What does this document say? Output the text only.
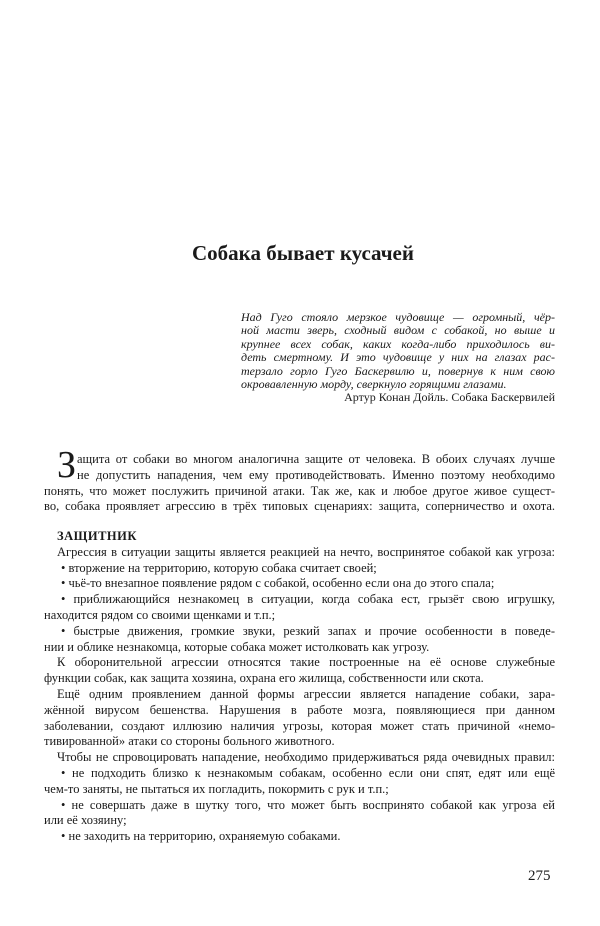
Собака бывает кусачей
Над Гуго стояло мерзкое чудовище — огромный, чёр-
ной масти зверь, сходный видом с собакой, но выше и
крупнее всех собак, каких когда-либо приходилось ви-
деть смертному. И это чудовище у них на глазах рас-
терзало горло Гуго Баскервилю и, повернув к ним свою
окровавленную морду, сверкнуло горящими глазами.
Артур Конан Дойль. Собака Баскервилей
З ащита от собаки во многом аналогична защите от человека. В обоих случаях лучше
не допустить нападения, чем ему противодействовать. Именно поэтому необходимо
понять, что может послужить причиной атаки. Так же, как и любое другое живое сущест-
во, собака проявляет агрессию в трёх типовых сценариях: защита, соперничество и охота.
ЗАЩИТНИК
Агрессия в ситуации защиты является реакцией на нечто, воспринятое собакой как угроза:
• вторжение на территорию, которую собака считает своей;
• чьё-то внезапное появление рядом с собакой, особенно если она до этого спала;
• приближающийся незнакомец в ситуации, когда собака ест, грызёт свою игрушку,
находится рядом со своими щенками и т.п.;
• быстрые движения, громкие звуки, резкий запах и прочие особенности в поведе-
нии и облике незнакомца, которые собака может истолковать как угрозу.
К оборонительной агрессии относятся такие построенные на её основе служебные
функции собак, как защита хозяина, охрана его жилища, собственности или скота.
Ещё одним проявлением данной формы агрессии является нападение собаки, зара-
жённой вирусом бешенства. Нарушения в работе мозга, появляющиеся при данном
заболевании, создают иллюзию наличия угрозы, которая может стать причиной «немо-
тивированной» атаки со стороны больного животного.
Чтобы не спровоцировать нападение, необходимо придерживаться ряда очевидных правил:
• не подходить близко к незнакомым собакам, особенно если они спят, едят или ещё
чем-то заняты, не пытаться их погладить, покормить с рук и т.п.;
• не совершать даже в шутку того, что может быть воспринято собакой как угроза ей
или её хозяину;
• не заходить на территорию, охраняемую собаками.
275
